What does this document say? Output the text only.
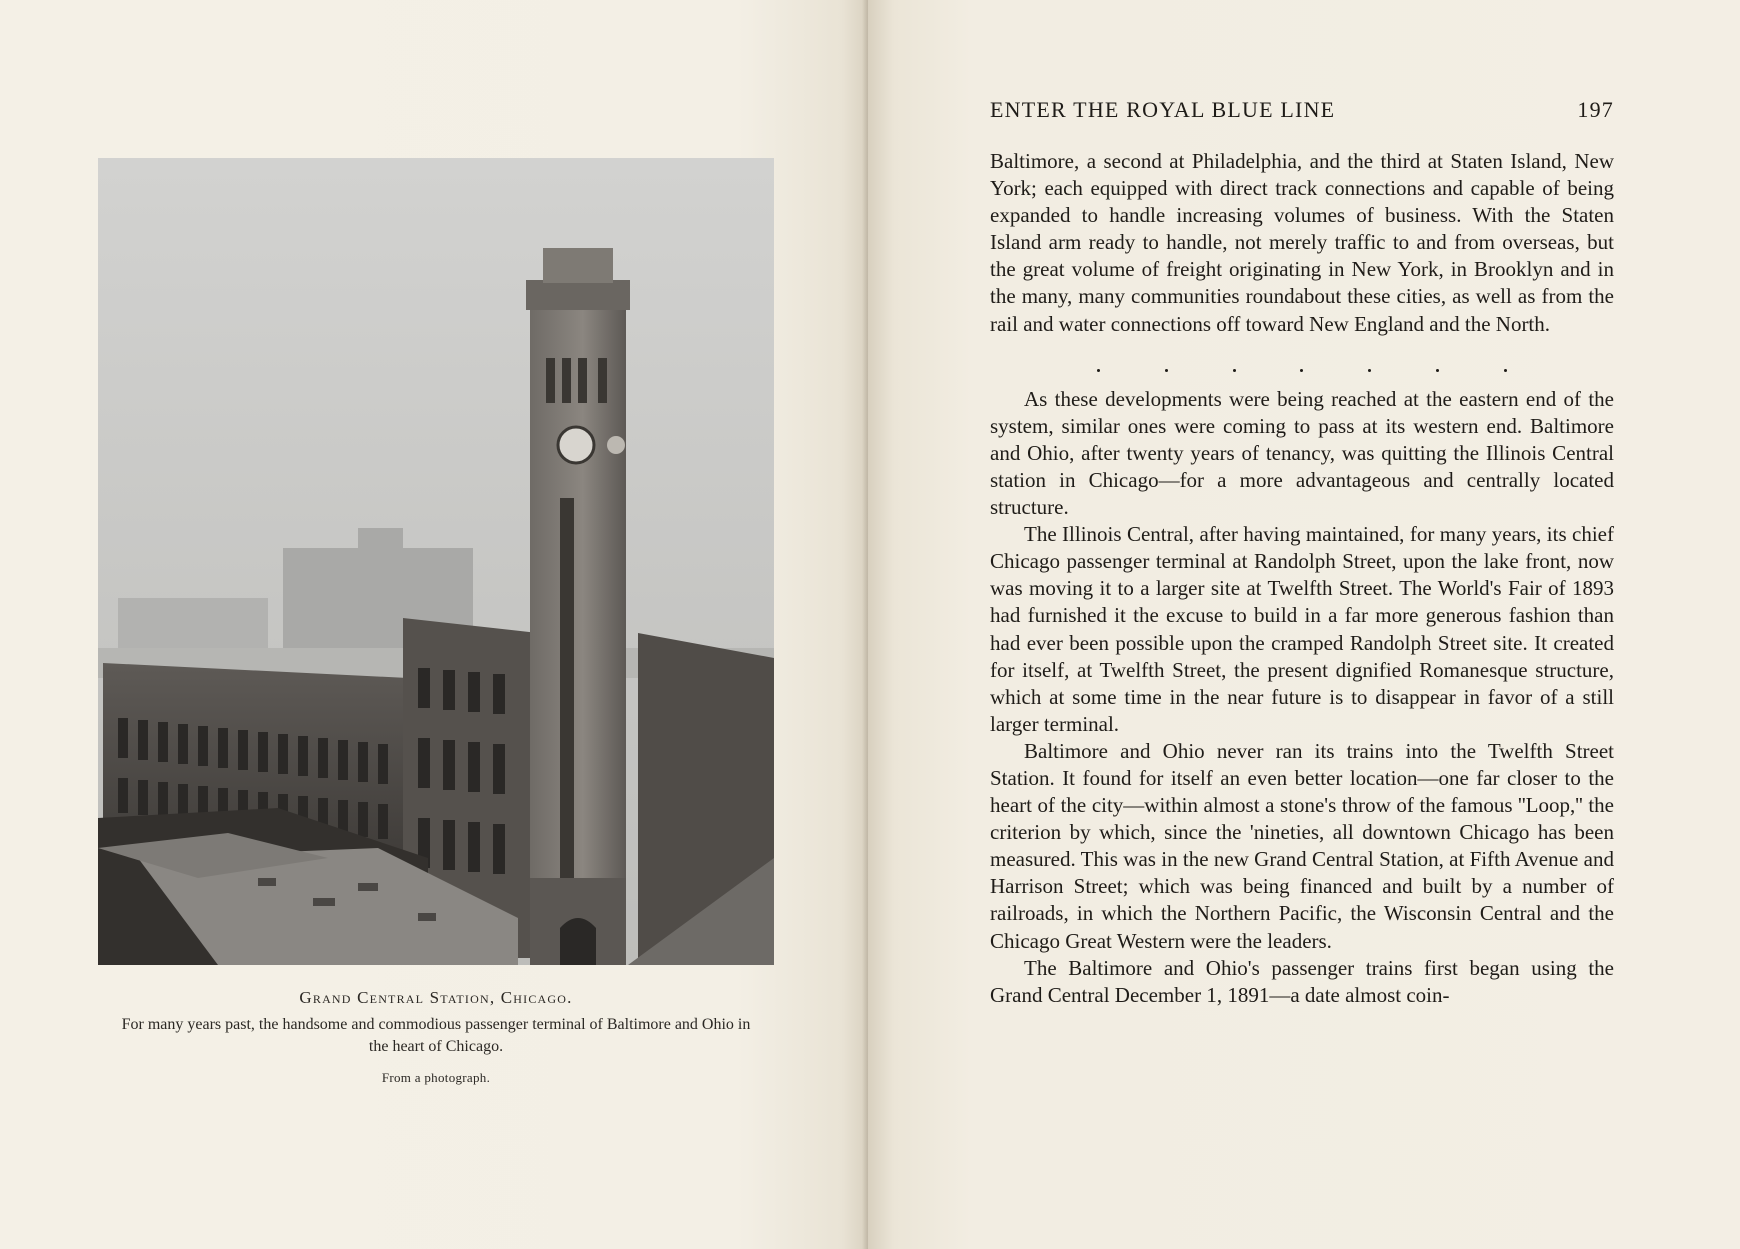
Grand Central Station, Chicago.

For many years past, the handsome and commodious passenger terminal of Baltimore and Ohio in the heart of Chicago.

From a photograph.
ENTER THE ROYAL BLUE LINE	197

Baltimore, a second at Philadelphia, and the third at Staten Island, New York; each equipped with direct track connections and capable of being expanded to handle increasing volumes of business. With the Staten Island arm ready to handle, not merely traffic to and from overseas, but the great volume of freight originating in New York, in Brooklyn and in the many, many communities roundabout these cities, as well as from the rail and water connections off toward New England and the North.

As these developments were being reached at the eastern end of the system, similar ones were coming to pass at its western end. Baltimore and Ohio, after twenty years of tenancy, was quitting the Illinois Central station in Chicago—for a more advantageous and centrally located structure.

The Illinois Central, after having maintained, for many years, its chief Chicago passenger terminal at Randolph Street, upon the lake front, now was moving it to a larger site at Twelfth Street. The World's Fair of 1893 had furnished it the excuse to build in a far more generous fashion than had ever been possible upon the cramped Randolph Street site. It created for itself, at Twelfth Street, the present dignified Romanesque structure, which at some time in the near future is to disappear in favor of a still larger terminal.

Baltimore and Ohio never ran its trains into the Twelfth Street Station. It found for itself an even better location—one far closer to the heart of the city—within almost a stone's throw of the famous ''Loop,'' the criterion by which, since the 'nineties, all downtown Chicago has been measured. This was in the new Grand Central Station, at Fifth Avenue and Harrison Street; which was being financed and built by a number of railroads, in which the Northern Pacific, the Wisconsin Central and the Chicago Great Western were the leaders.

The Baltimore and Ohio's passenger trains first began using the Grand Central December 1, 1891—a date almost coin-
